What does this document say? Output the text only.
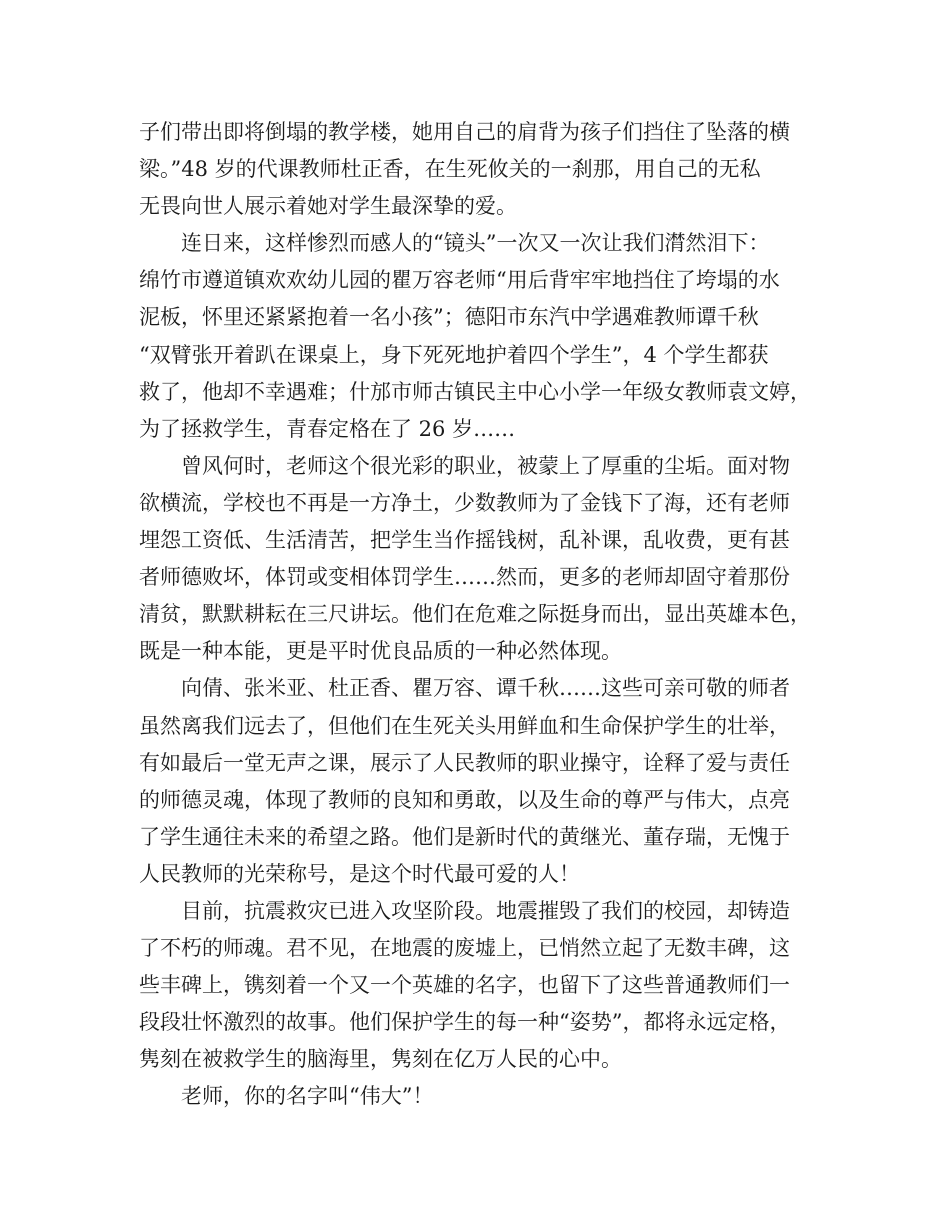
子们带出即将倒塌的教学楼，她用自己的肩背为孩子们挡住了坠落的横
梁。”48 岁的代课教师杜正香，在生死攸关的一刹那，用自己的无私
无畏向世人展示着她对学生最深挚的爱。
连日来，这样惨烈而感人的“镜头”一次又一次让我们潸然泪下：
绵竹市遵道镇欢欢幼儿园的瞿万容老师“用后背牢牢地挡住了垮塌的水
泥板，怀里还紧紧抱着一名小孩”；德阳市东汽中学遇难教师谭千秋
“双臂张开着趴在课桌上，身下死死地护着四个学生”，4 个学生都获
救了，他却不幸遇难；什邡市师古镇民主中心小学一年级女教师袁文婷，
为了拯救学生，青春定格在了 26 岁……
曾风何时，老师这个很光彩的职业，被蒙上了厚重的尘垢。面对物
欲横流，学校也不再是一方净土，少数教师为了金钱下了海，还有老师
埋怨工资低、生活清苦，把学生当作摇钱树，乱补课，乱收费，更有甚
者师德败坏，体罚或变相体罚学生……然而，更多的老师却固守着那份
清贫，默默耕耘在三尺讲坛。他们在危难之际挺身而出，显出英雄本色，
既是一种本能，更是平时优良品质的一种必然体现。
向倩、张米亚、杜正香、瞿万容、谭千秋……这些可亲可敬的师者
虽然离我们远去了，但他们在生死关头用鲜血和生命保护学生的壮举，
有如最后一堂无声之课，展示了人民教师的职业操守，诠释了爱与责任
的师德灵魂，体现了教师的良知和勇敢，以及生命的尊严与伟大，点亮
了学生通往未来的希望之路。他们是新时代的黄继光、董存瑞，无愧于
人民教师的光荣称号，是这个时代最可爱的人！
目前，抗震救灾已进入攻坚阶段。地震摧毁了我们的校园，却铸造
了不朽的师魂。君不见，在地震的废墟上，已悄然立起了无数丰碑，这
些丰碑上，镌刻着一个又一个英雄的名字，也留下了这些普通教师们一
段段壮怀激烈的故事。他们保护学生的每一种“姿势”，都将永远定格，
隽刻在被救学生的脑海里，隽刻在亿万人民的心中。
老师，你的名字叫“伟大”！
